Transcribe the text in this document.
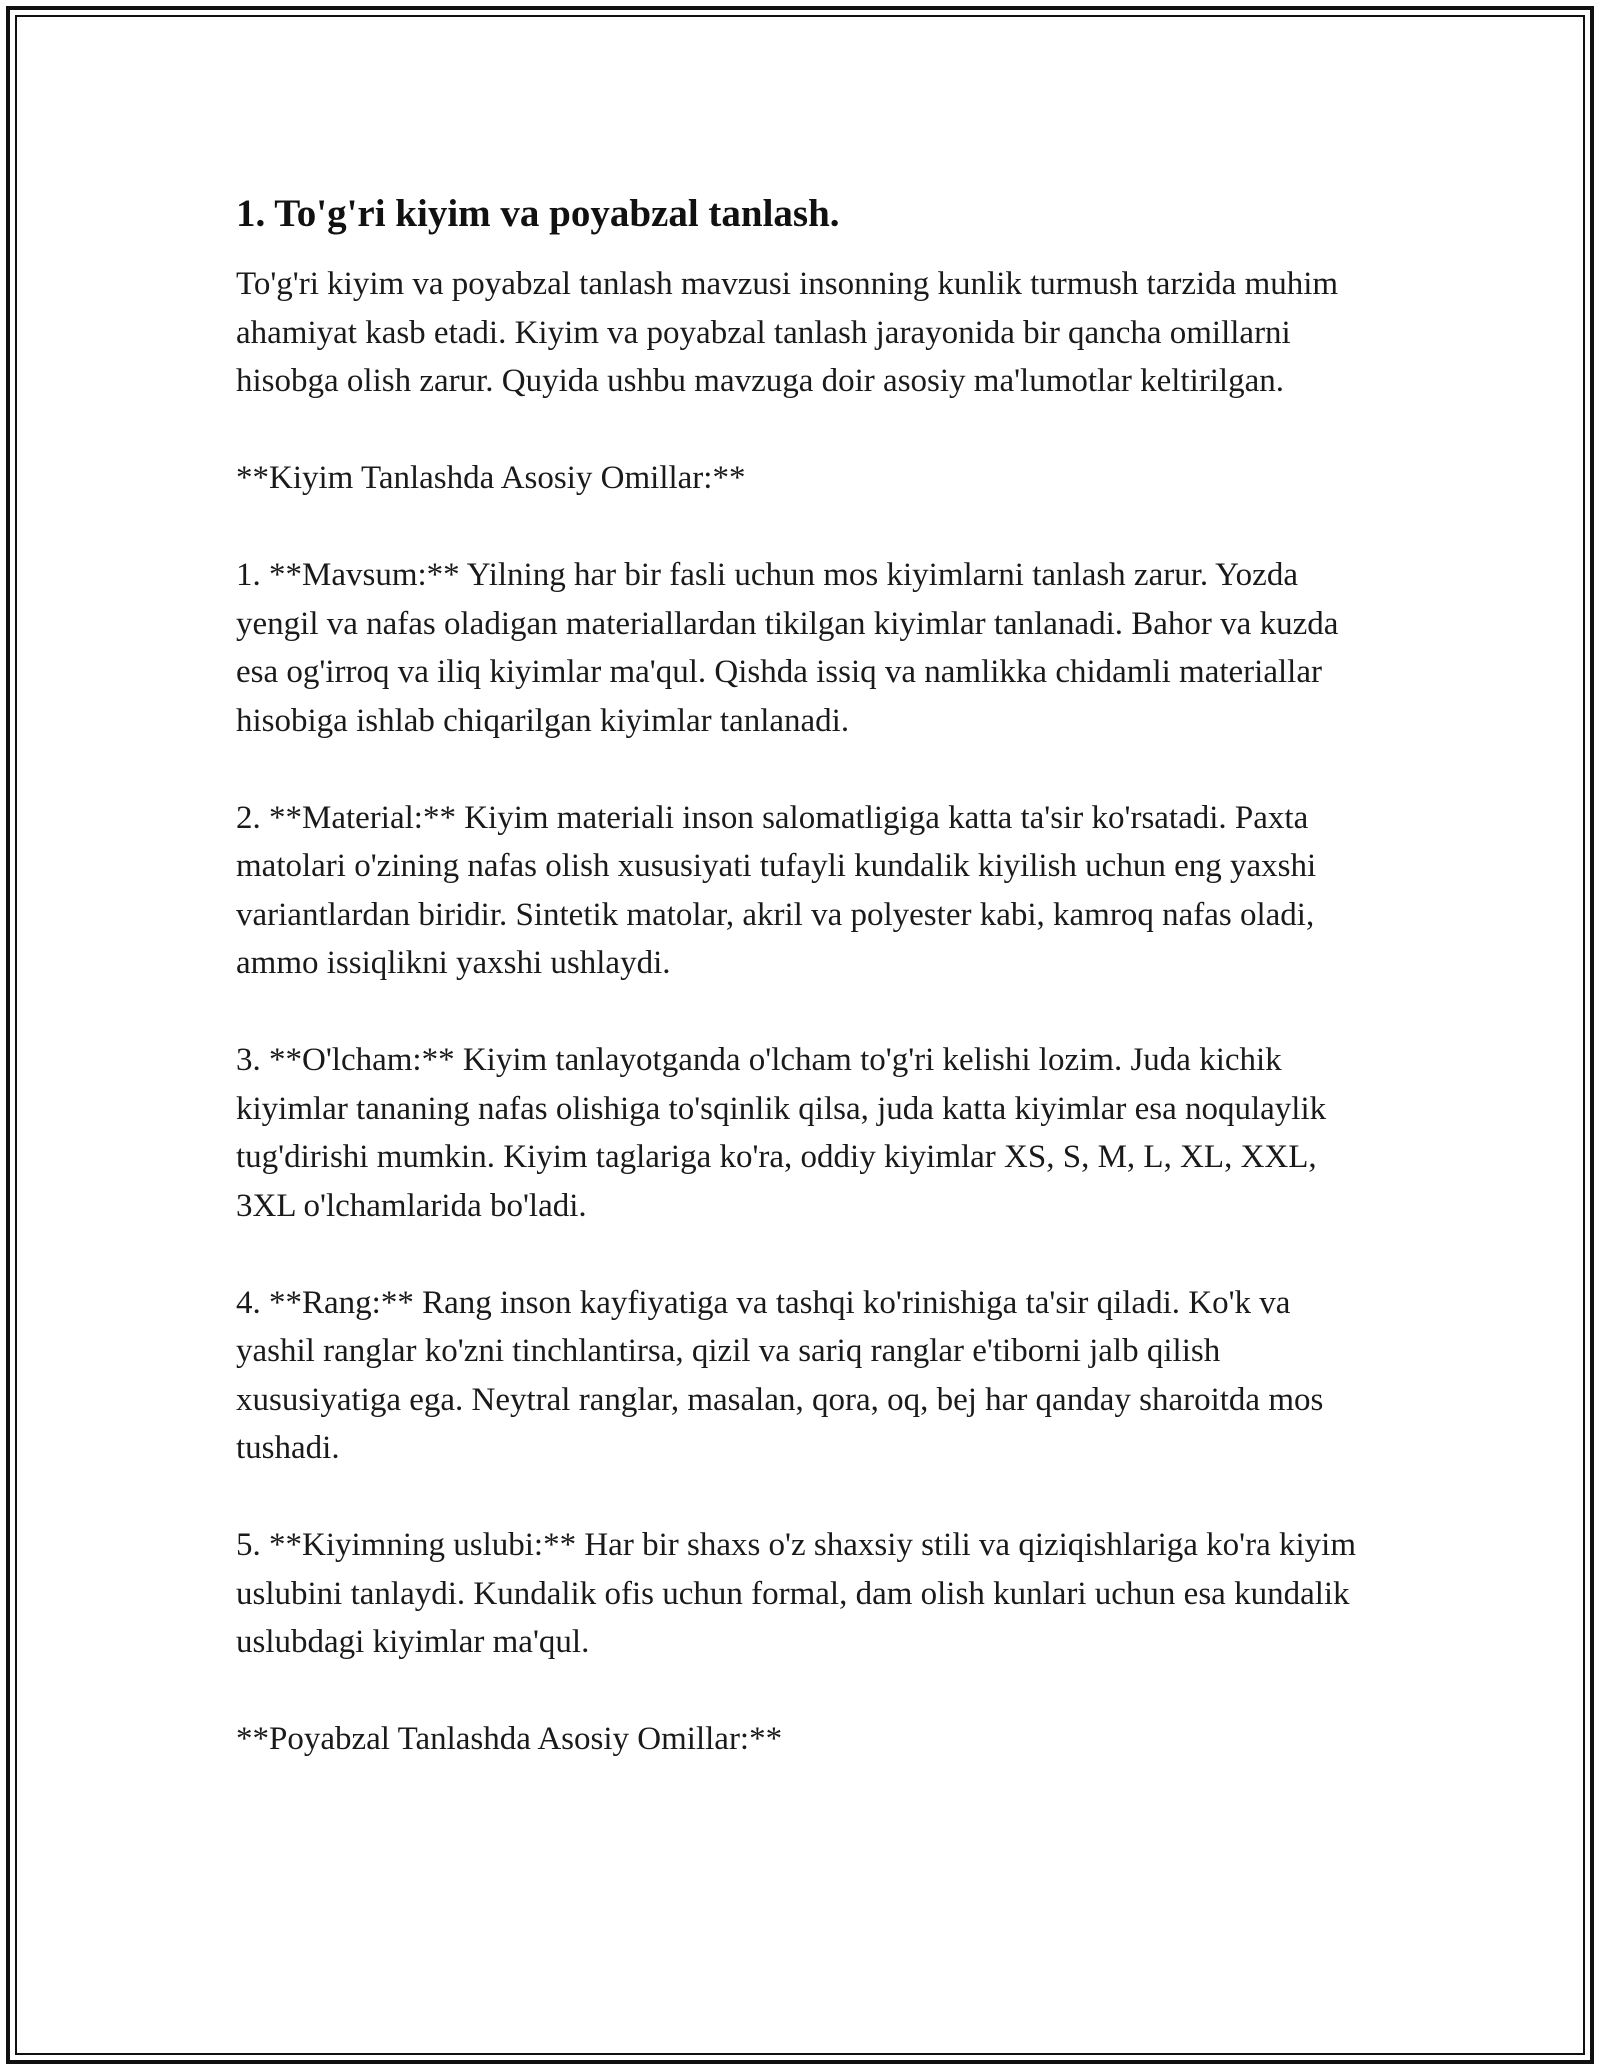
1. To'g'ri kiyim va poyabzal tanlash.

To'g'ri kiyim va poyabzal tanlash mavzusi insonning kunlik turmush tarzida muhim ahamiyat kasb etadi. Kiyim va poyabzal tanlash jarayonida bir qancha omillarni hisobga olish zarur. Quyida ushbu mavzuga doir asosiy ma'lumotlar keltirilgan.

**Kiyim Tanlashda Asosiy Omillar:**

1. **Mavsum:** Yilning har bir fasli uchun mos kiyimlarni tanlash zarur. Yozda yengil va nafas oladigan materiallardan tikilgan kiyimlar tanlanadi. Bahor va kuzda esa og'irroq va iliq kiyimlar ma'qul. Qishda issiq va namlikka chidamli materiallar hisobiga ishlab chiqarilgan kiyimlar tanlanadi.

2. **Material:** Kiyim materiali inson salomatligiga katta ta'sir ko'rsatadi. Paxta matolari o'zining nafas olish xususiyati tufayli kundalik kiyilish uchun eng yaxshi variantlardan biridir. Sintetik matolar, akril va polyester kabi, kamroq nafas oladi, ammo issiqlikni yaxshi ushlaydi.

3. **O'lcham:** Kiyim tanlayotganda o'lcham to'g'ri kelishi lozim. Juda kichik kiyimlar tananing nafas olishiga to'sqinlik qilsa, juda katta kiyimlar esa noqulaylik tug'dirishi mumkin. Kiyim taglariga ko'ra, oddiy kiyimlar XS, S, M, L, XL, XXL, 3XL o'lchamlarida bo'ladi.

4. **Rang:** Rang inson kayfiyatiga va tashqi ko'rinishiga ta'sir qiladi. Ko'k va yashil ranglar ko'zni tinchlantirsa, qizil va sariq ranglar e'tiborni jalb qilish xususiyatiga ega. Neytral ranglar, masalan, qora, oq, bej har qanday sharoitda mos tushadi.

5. **Kiyimning uslubi:** Har bir shaxs o'z shaxsiy stili va qiziqishlariga ko'ra kiyim uslubini tanlaydi. Kundalik ofis uchun formal, dam olish kunlari uchun esa kundalik uslubdagi kiyimlar ma'qul.

**Poyabzal Tanlashda Asosiy Omillar:**
